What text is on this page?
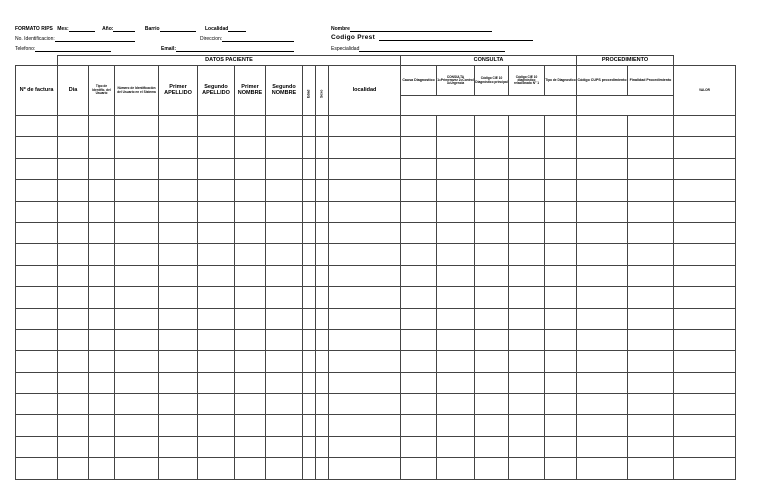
FORMATO RIPS Mes:	Año:	Barrio	Localidad
No. Identificacion:	Direccion:
Telefono:	Email:
Nombre
Codigo Prest
Especialidad
	DATOS PACIENTE										CONSULTA					PROCEDIMIENTO		
Nº de factura	Dia	Tipo de Identific. del Usuario	Número de Identificación del Usuario en el Sistema	Primer APELLIDO	Segundo APELLIDO	Primer NOMBRE	Segundo NOMBRE	Edad	Sexo	localidad	Causa Diagnostico	CONSULTA 1=Primeravez 2=Control 3=Urgencia	Código CIE 10 Diagnóstico principal	Código CIE 10 diagnóstico relacionado N° 1	Tipo de Diagnostico	Código CUPS procedimiento	Finalidad Procedimiento	VALOR
